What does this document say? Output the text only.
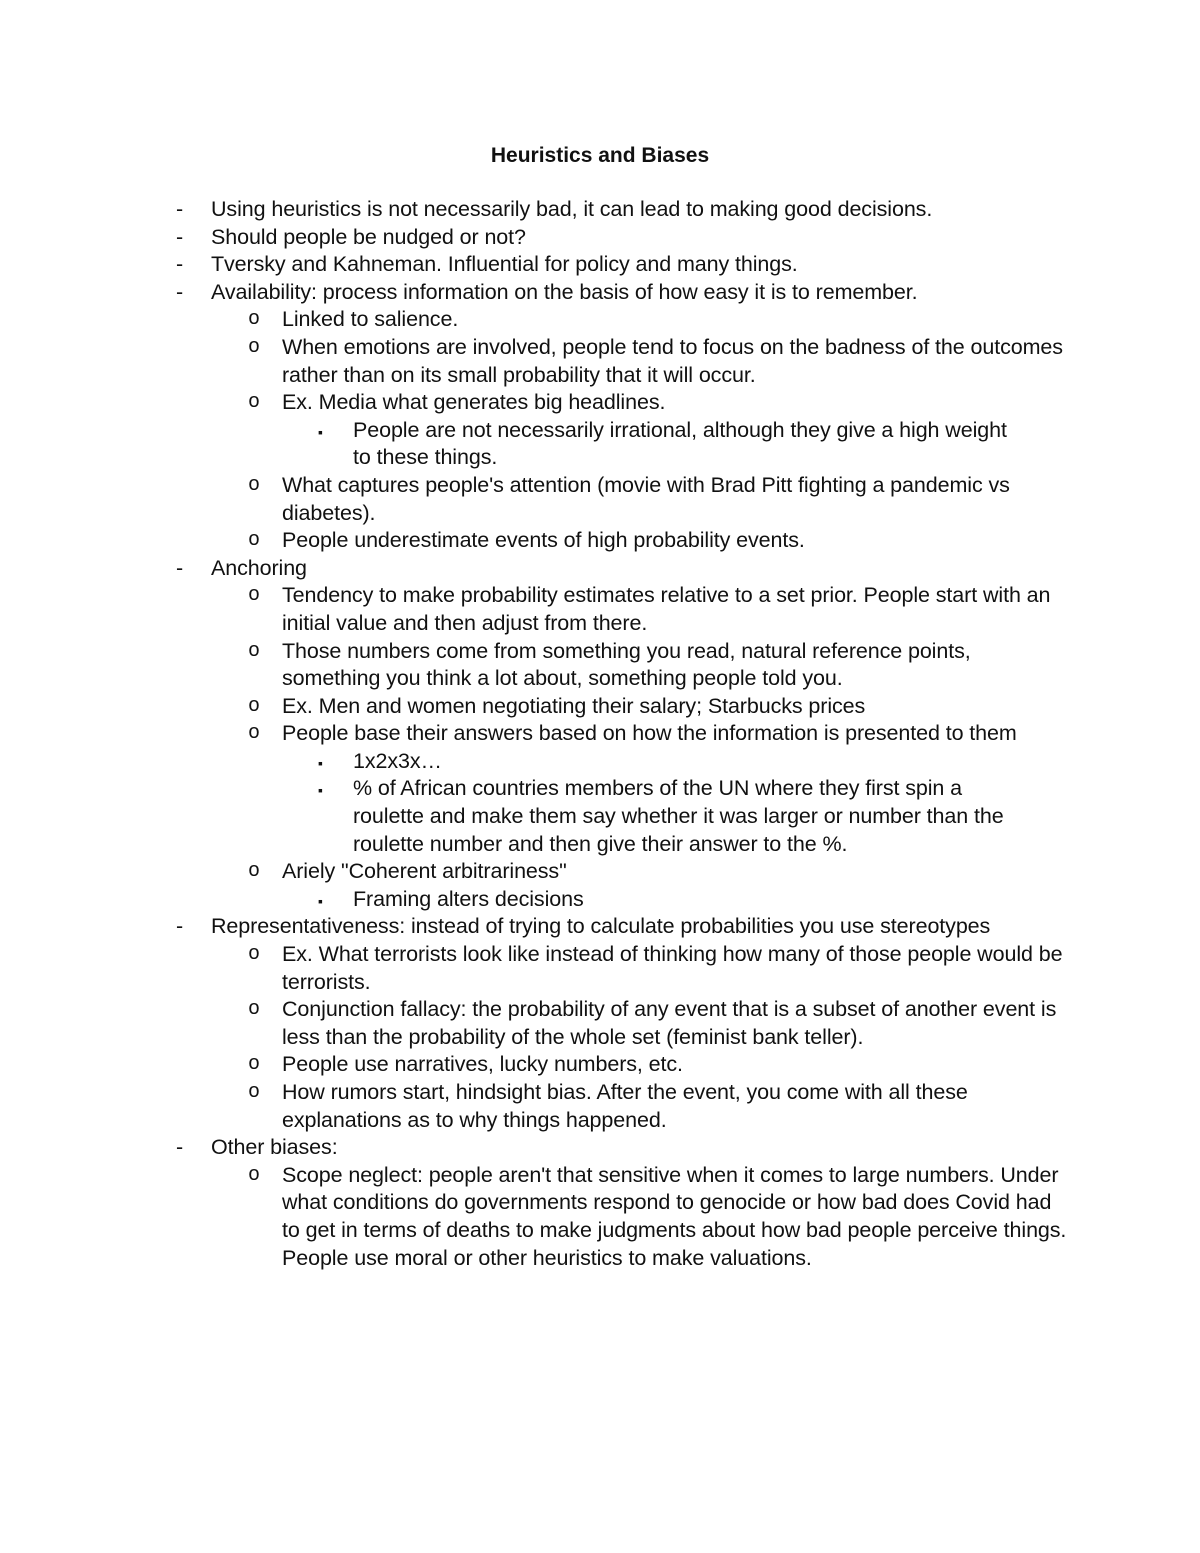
Heuristics and Biases
- Using heuristics is not necessarily bad, it can lead to making good decisions.
- Should people be nudged or not?
- Tversky and Kahneman. Influential for policy and many things.
- Availability: process information on the basis of how easy it is to remember.
o Linked to salience.
o When emotions are involved, people tend to focus on the badness of the outcomes rather than on its small probability that it will occur.
o Ex. Media what generates big headlines.
▪ People are not necessarily irrational, although they give a high weight to these things.
o What captures people's attention (movie with Brad Pitt fighting a pandemic vs diabetes).
o People underestimate events of high probability events.
- Anchoring
o Tendency to make probability estimates relative to a set prior. People start with an initial value and then adjust from there.
o Those numbers come from something you read, natural reference points, something you think a lot about, something people told you.
o Ex. Men and women negotiating their salary; Starbucks prices
o People base their answers based on how the information is presented to them
▪ 1x2x3x…
▪ % of African countries members of the UN where they first spin a roulette and make them say whether it was larger or number than the roulette number and then give their answer to the %.
o Ariely "Coherent arbitrariness"
▪ Framing alters decisions
- Representativeness: instead of trying to calculate probabilities you use stereotypes
o Ex. What terrorists look like instead of thinking how many of those people would be terrorists.
o Conjunction fallacy: the probability of any event that is a subset of another event is less than the probability of the whole set (feminist bank teller).
o People use narratives, lucky numbers, etc.
o How rumors start, hindsight bias. After the event, you come with all these explanations as to why things happened.
- Other biases:
o Scope neglect: people aren't that sensitive when it comes to large numbers. Under what conditions do governments respond to genocide or how bad does Covid had to get in terms of deaths to make judgments about how bad people perceive things. People use moral or other heuristics to make valuations.
